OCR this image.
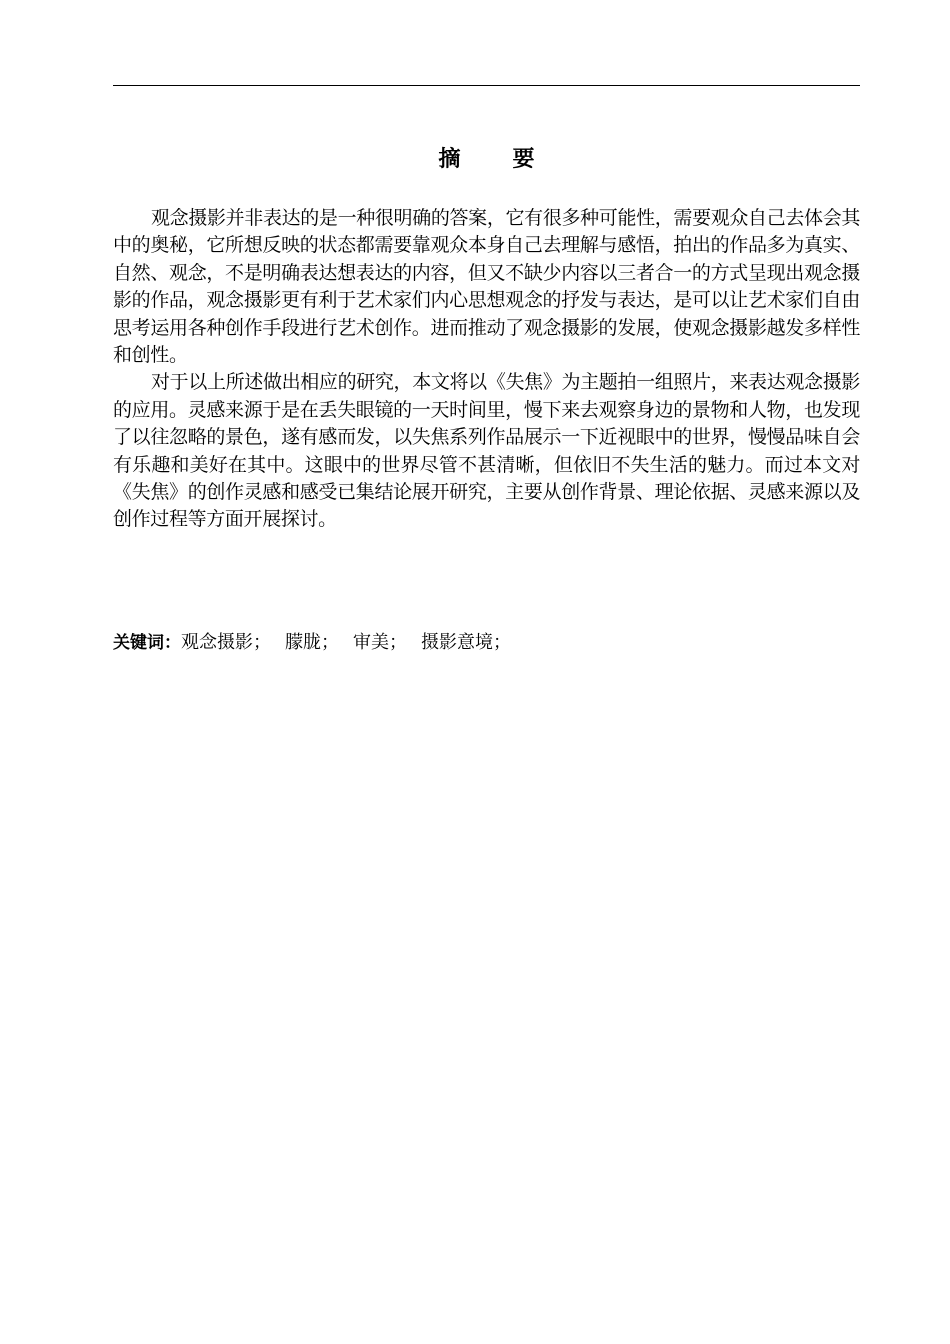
摘 要

观念摄影并非表达的是一种很明确的答案，它有很多种可能性，需要观众自己去体会其中的奥秘，它所想反映的状态都需要靠观众本身自己去理解与感悟，拍出的作品多为真实、自然、观念，不是明确表达想表达的内容，但又不缺少内容以三者合一的方式呈现出观念摄影的作品，观念摄影更有利于艺术家们内心思想观念的抒发与表达，是可以让艺术家们自由思考运用各种创作手段进行艺术创作。进而推动了观念摄影的发展，使观念摄影越发多样性和创性。

对于以上所述做出相应的研究，本文将以《失焦》为主题拍一组照片，来表达观念摄影的应用。灵感来源于是在丢失眼镜的一天时间里，慢下来去观察身边的景物和人物，也发现了以往忽略的景色，遂有感而发，以失焦系列作品展示一下近视眼中的世界，慢慢品味自会有乐趣和美好在其中。这眼中的世界尽管不甚清晰，但依旧不失生活的魅力。而过本文对《失焦》的创作灵感和感受已集结论展开研究，主要从创作背景、理论依据、灵感来源以及创作过程等方面开展探讨。

关键词：观念摄影； 朦胧； 审美； 摄影意境；
